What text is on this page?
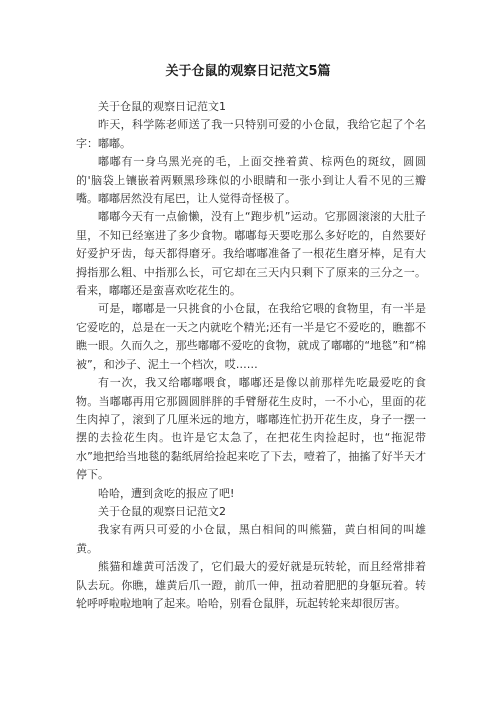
关于仓鼠的观察日记范文5篇

关于仓鼠的观察日记范文1

昨天，科学陈老师送了我一只特别可爱的小仓鼠，我给它起了个名字：嘟嘟。

嘟嘟有一身乌黑光亮的毛，上面交挫着黄、棕两色的斑纹，圆圆的'脑袋上镶嵌着两颗黑珍珠似的小眼睛和一张小到让人看不见的三瓣嘴。嘟嘟居然没有尾巴，让人觉得奇怪极了。

嘟嘟今天有一点偷懒，没有上“跑步机”运动。它那圆滚滚的大肚子里，不知已经塞进了多少食物。嘟嘟每天要吃那么多好吃的，自然要好好爱护牙齿，每天都得磨牙。我给嘟嘟准备了一根花生磨牙棒，足有大拇指那么粗、中指那么长，可它却在三天内只剩下了原来的三分之一。看来，嘟嘟还是蛮喜欢吃花生的。

可是，嘟嘟是一只挑食的小仓鼠，在我给它喂的食物里，有一半是它爱吃的，总是在一天之内就吃个精光;还有一半是它不爱吃的，瞧都不瞧一眼。久而久之，那些嘟嘟不爱吃的食物，就成了嘟嘟的“地毯”和“棉被”，和沙子、泥土一个档次，哎……

有一次，我又给嘟嘟喂食，嘟嘟还是像以前那样先吃最爱吃的食物。当嘟嘟再用它那圆圆胖胖的手臂掰花生皮时，一不小心，里面的花生肉掉了，滚到了几厘米远的地方，嘟嘟连忙扔开花生皮，身子一摆一摆的去捡花生肉。也许是它太急了，在把花生肉捡起时，也“拖泥带水”地把给当地毯的黏纸屑给捡起来吃了下去，噎着了，抽搐了好半天才停下。

哈哈，遭到贪吃的报应了吧!

关于仓鼠的观察日记范文2

我家有两只可爱的小仓鼠，黑白相间的叫熊猫，黄白相间的叫雄黄。

熊猫和雄黄可活泼了，它们最大的爱好就是玩转轮，而且经常排着队去玩。你瞧，雄黄后爪一蹬，前爪一伸，扭动着肥肥的身躯玩着。转轮呼呼啦啦地响了起来。哈哈，别看仓鼠胖，玩起转轮来却很厉害。
